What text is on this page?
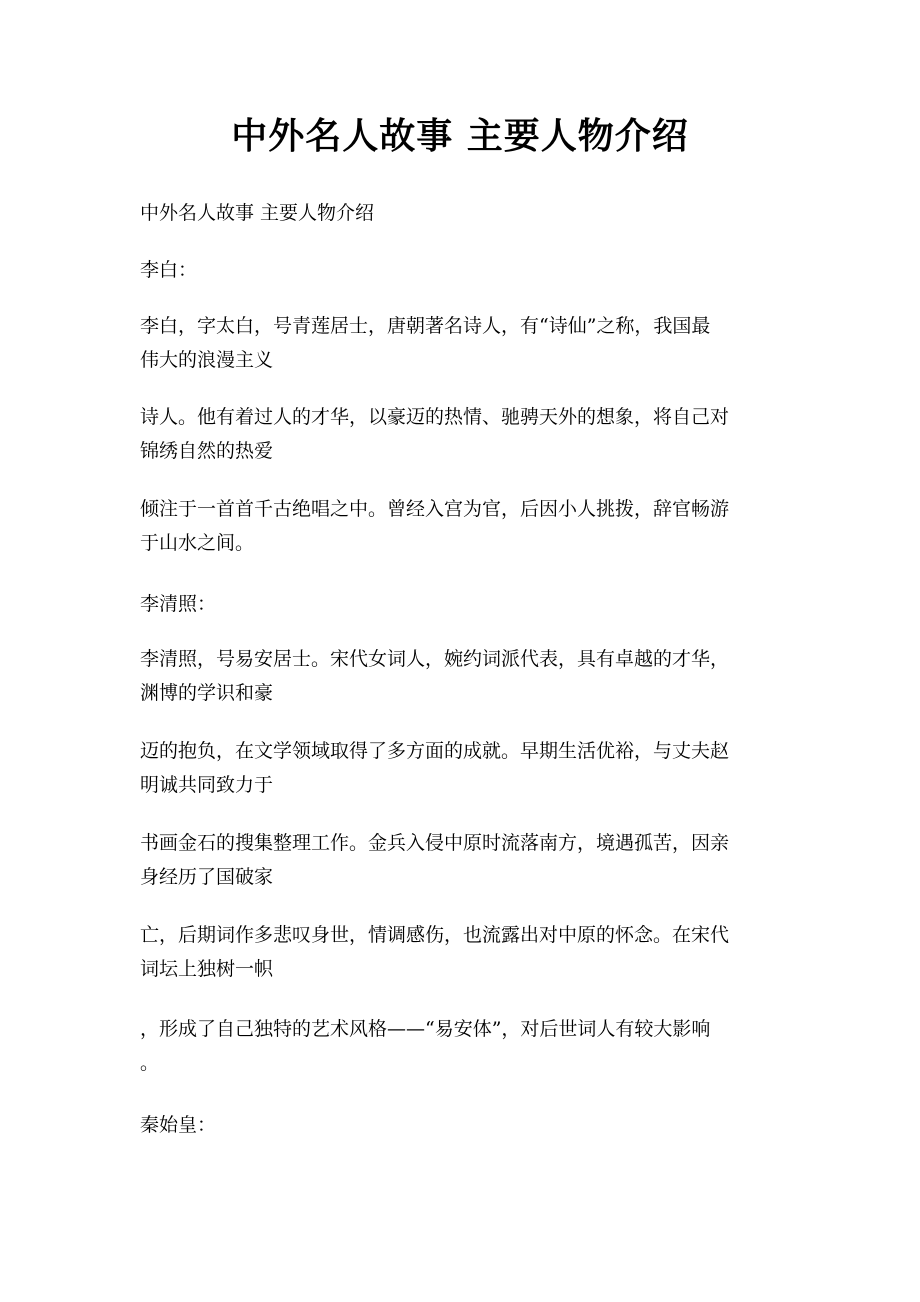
中外名人故事 主要人物介绍

中外名人故事 主要人物介绍

李白：

李白，字太白，号青莲居士，唐朝著名诗人，有“诗仙”之称，我国最
伟大的浪漫主义

诗人。他有着过人的才华，以豪迈的热情、驰骋天外的想象，将自己对
锦绣自然的热爱

倾注于一首首千古绝唱之中。曾经入宫为官，后因小人挑拨，辞官畅游
于山水之间。

李清照：

李清照，号易安居士。宋代女词人，婉约词派代表，具有卓越的才华，
渊博的学识和豪

迈的抱负，在文学领域取得了多方面的成就。早期生活优裕，与丈夫赵
明诚共同致力于

书画金石的搜集整理工作。金兵入侵中原时流落南方，境遇孤苦，因亲
身经历了国破家

亡，后期词作多悲叹身世，情调感伤，也流露出对中原的怀念。在宋代
词坛上独树一帜

，形成了自己独特的艺术风格——“易安体”，对后世词人有较大影响
。

秦始皇：
